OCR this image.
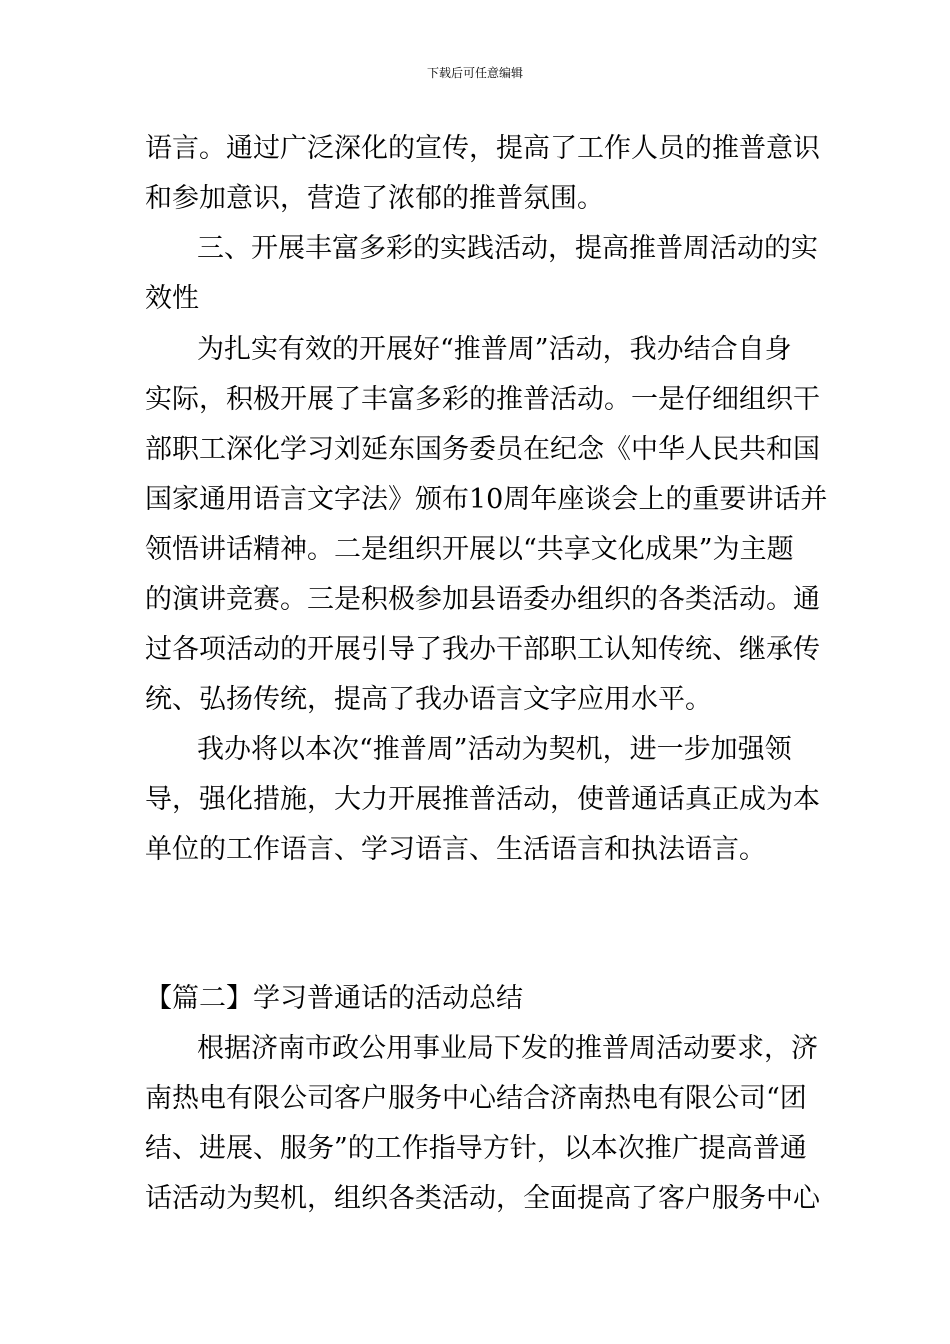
下载后可任意编辑
语言。通过广泛深化的宣传，提高了工作人员的推普意识
和参加意识，营造了浓郁的推普氛围。
三、开展丰富多彩的实践活动，提高推普周活动的实
效性
为扎实有效的开展好“推普周”活动，我办结合自身
实际，积极开展了丰富多彩的推普活动。一是仔细组织干
部职工深化学习刘延东国务委员在纪念《中华人民共和国
国家通用语言文字法》颁布10周年座谈会上的重要讲话并
领悟讲话精神。二是组织开展以“共享文化成果”为主题
的演讲竞赛。三是积极参加县语委办组织的各类活动。通
过各项活动的开展引导了我办干部职工认知传统、继承传
统、弘扬传统，提高了我办语言文字应用水平。
我办将以本次“推普周”活动为契机，进一步加强领
导，强化措施，大力开展推普活动，使普通话真正成为本
单位的工作语言、学习语言、生活语言和执法语言。
【篇二】学习普通话的活动总结
根据济南市政公用事业局下发的推普周活动要求，济
南热电有限公司客户服务中心结合济南热电有限公司“团
结、进展、服务”的工作指导方针，以本次推广提高普通
话活动为契机，组织各类活动，全面提高了客户服务中心
